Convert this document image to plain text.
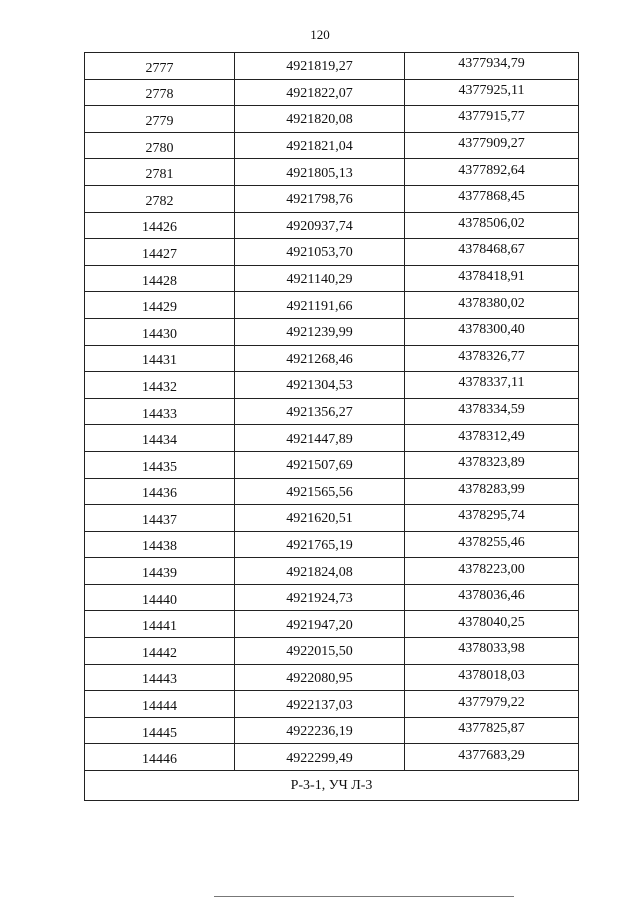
120
2777	4921819,27	4377934,79
2778	4921822,07	4377925,11
2779	4921820,08	4377915,77
2780	4921821,04	4377909,27
2781	4921805,13	4377892,64
2782	4921798,76	4377868,45
14426	4920937,74	4378506,02
14427	4921053,70	4378468,67
14428	4921140,29	4378418,91
14429	4921191,66	4378380,02
14430	4921239,99	4378300,40
14431	4921268,46	4378326,77
14432	4921304,53	4378337,11
14433	4921356,27	4378334,59
14434	4921447,89	4378312,49
14435	4921507,69	4378323,89
14436	4921565,56	4378283,99
14437	4921620,51	4378295,74
14438	4921765,19	4378255,46
14439	4921824,08	4378223,00
14440	4921924,73	4378036,46
14441	4921947,20	4378040,25
14442	4922015,50	4378033,98
14443	4922080,95	4378018,03
14444	4922137,03	4377979,22
14445	4922236,19	4377825,87
14446	4922299,49	4377683,29
Р-3-1, УЧ Л-3		
